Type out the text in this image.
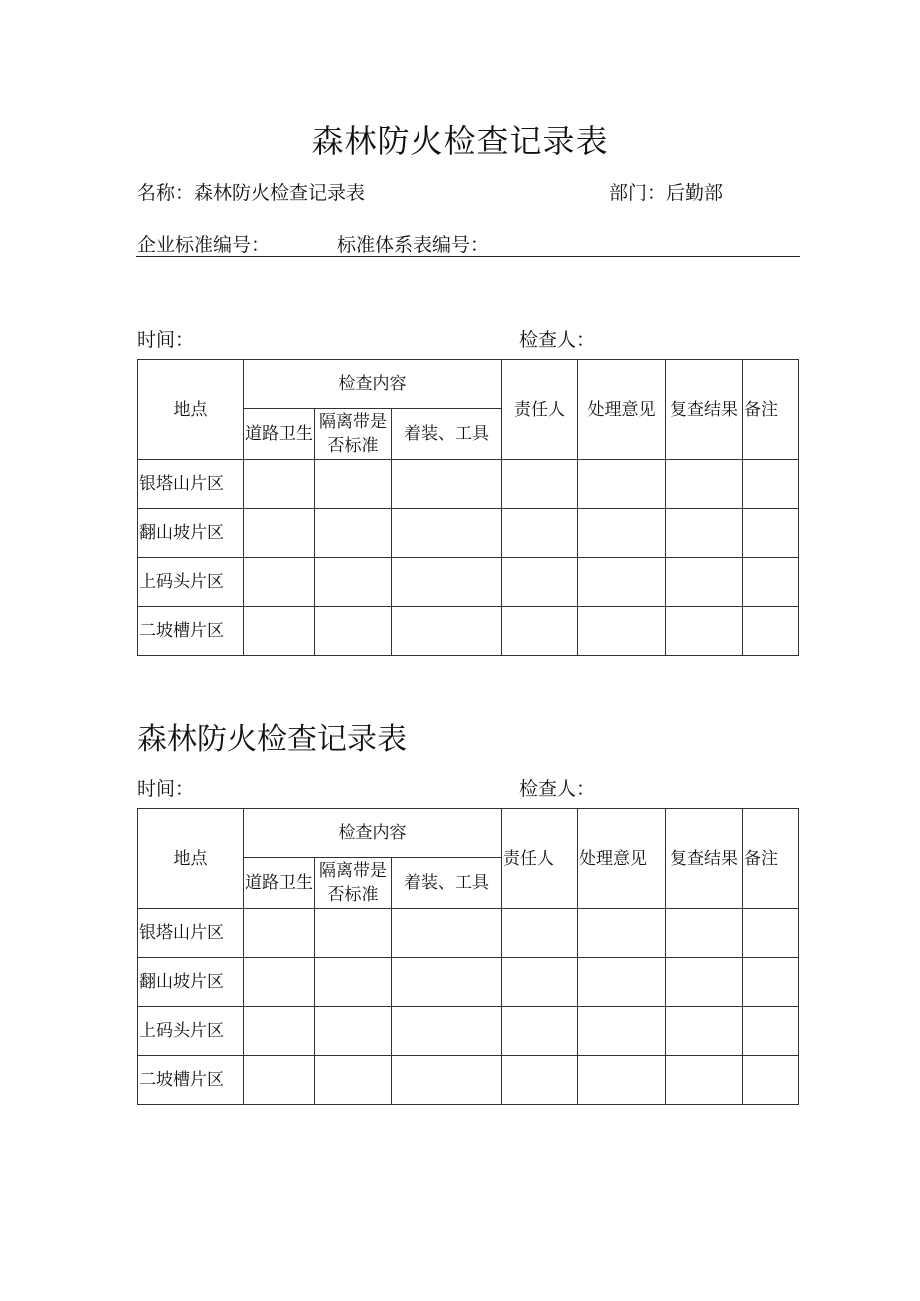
森林防火检查记录表
名称：森林防火检查记录表	部门：后勤部
企业标准编号：	标准体系表编号：
时间：	检查人：
地点	检查内容			责任人	处理意见	复查结果	备注
	道路卫生	隔离带是否标准	着装、工具				
银塔山片区							
翻山坡片区							
上码头片区							
二坡槽片区							
森林防火检查记录表
时间：	检查人：
地点	检查内容			责任人	处理意见	复查结果	备注
	道路卫生	隔离带是否标准	着装、工具				
银塔山片区							
翻山坡片区							
上码头片区							
二坡槽片区							
